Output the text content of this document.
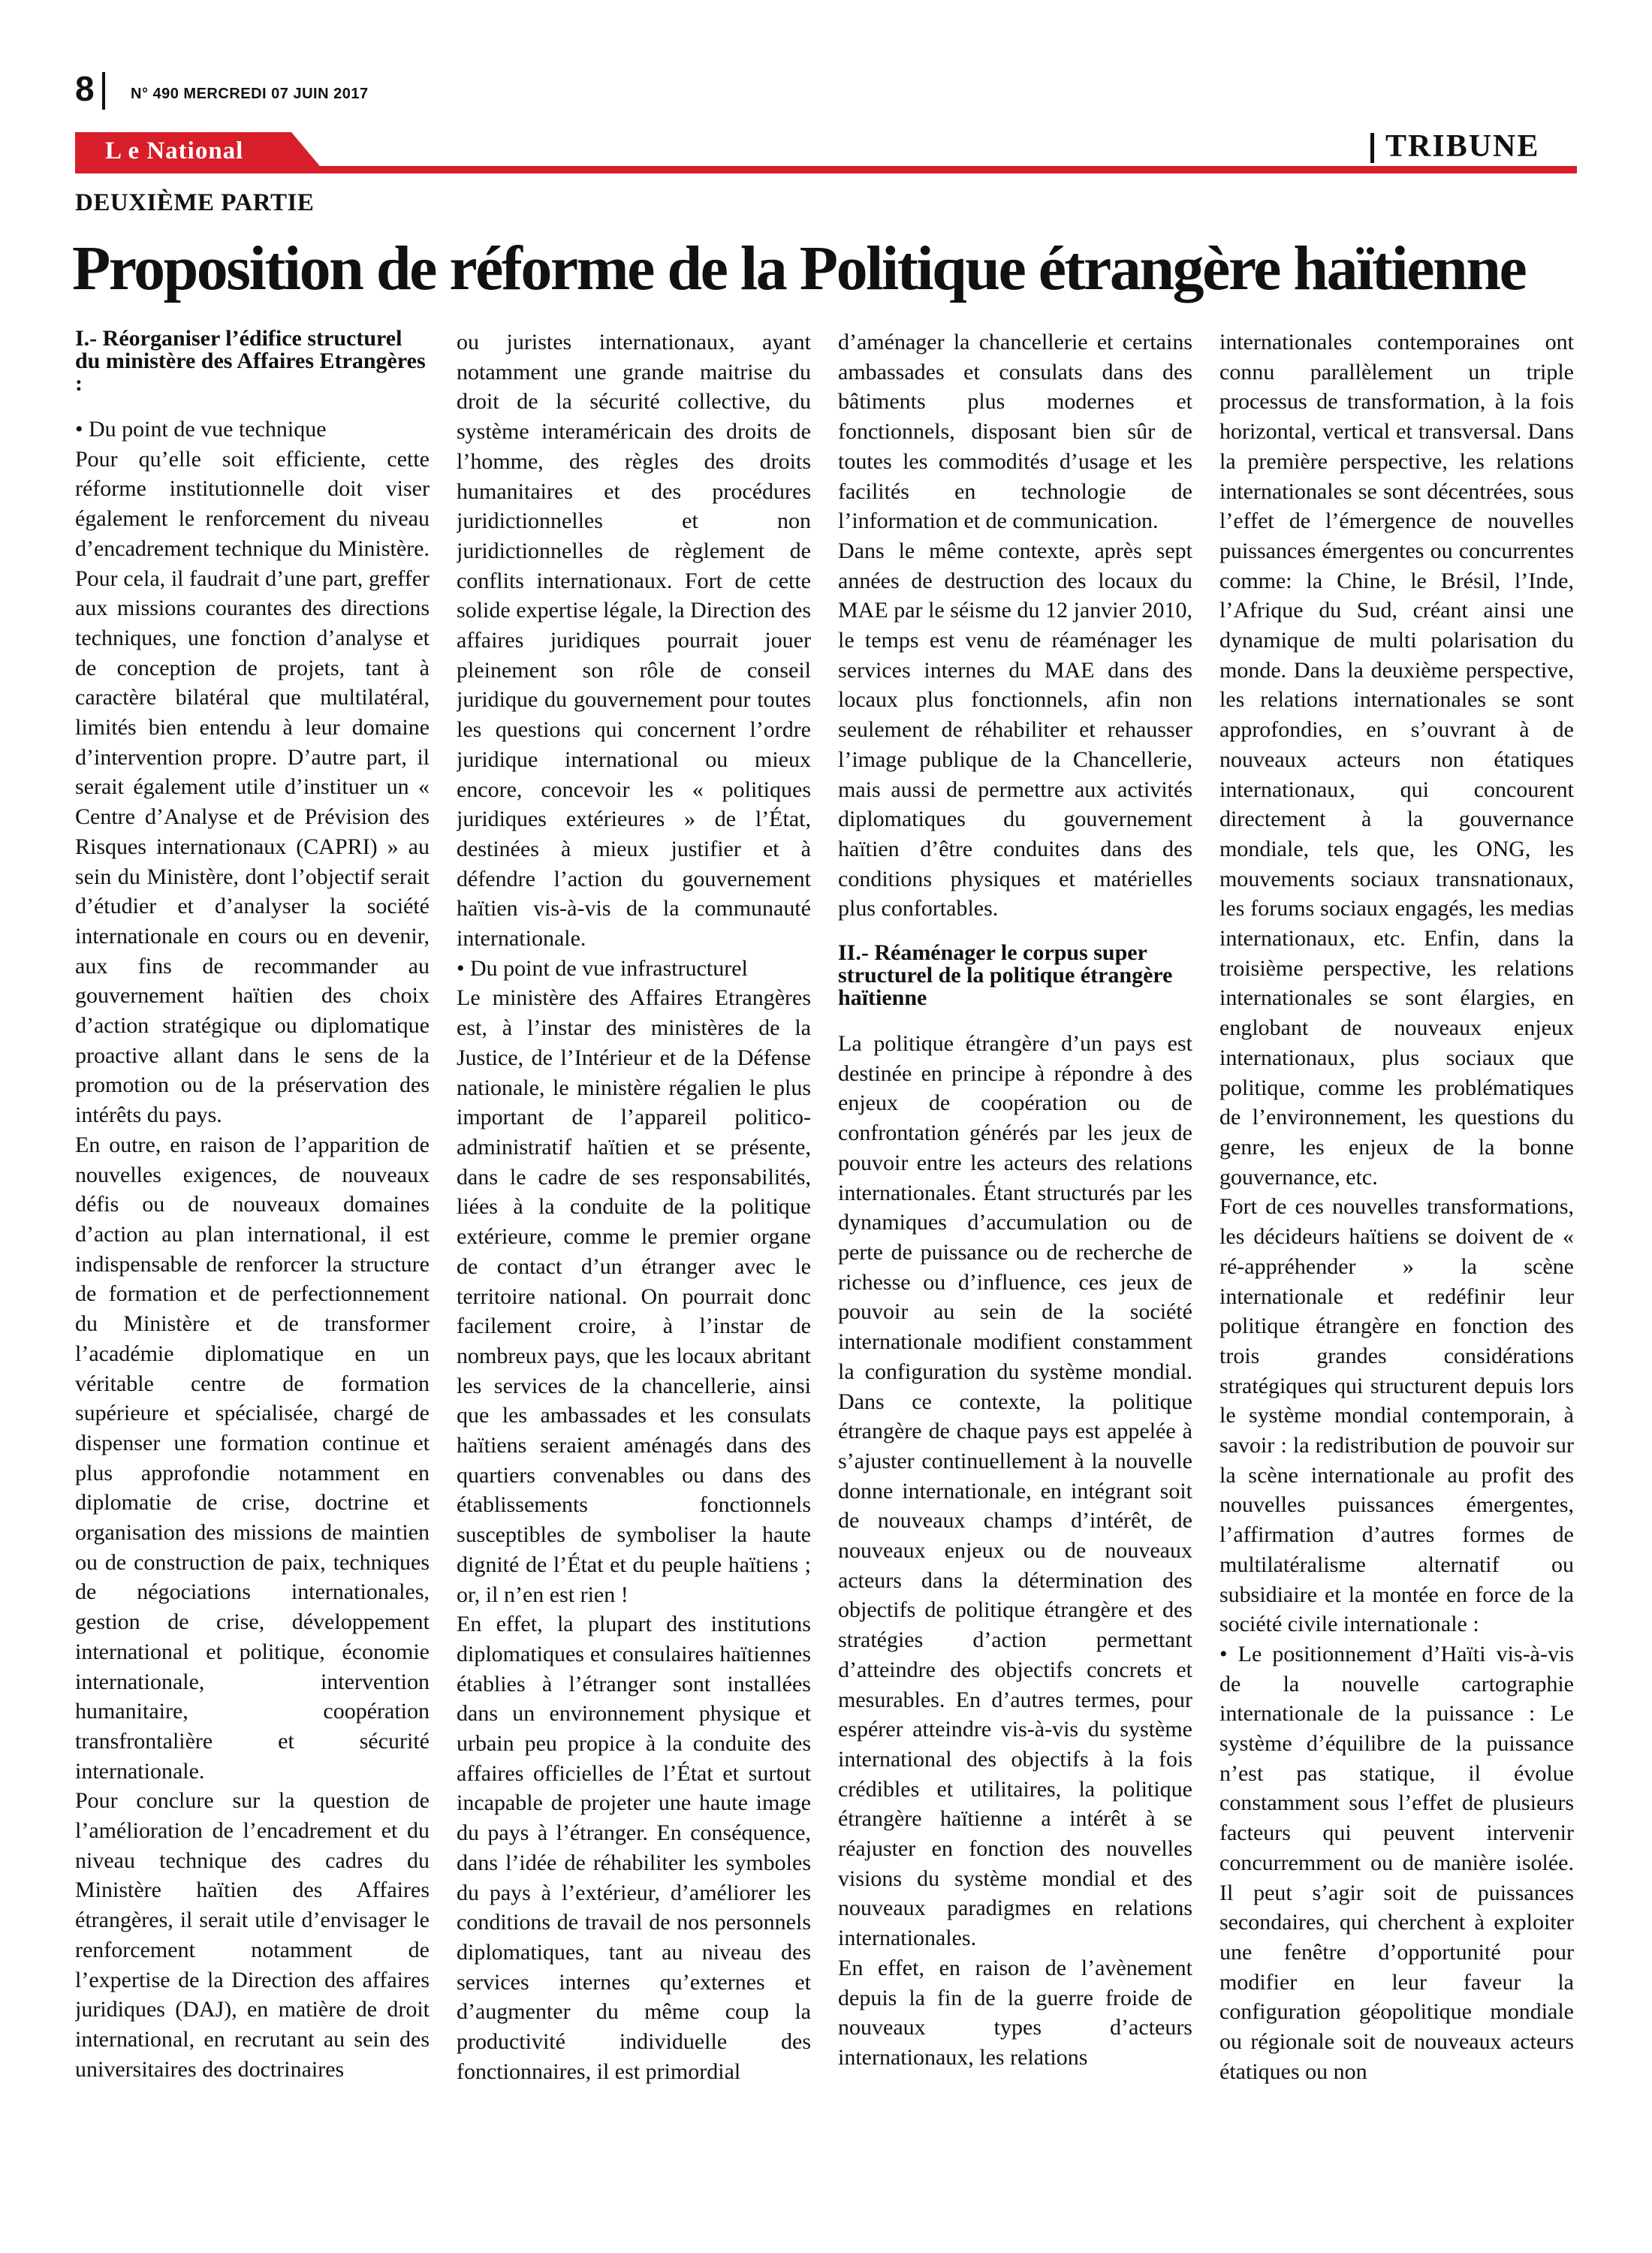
8 N° 490 MERCREDI 07 JUIN 2017
L e National	TRIBUNE
DEUXIÈME PARTIE
Proposition de réforme de la Politique étrangère haïtienne
I.- Réorganiser l’édifice structurel du ministère des Affaires Etrangères :

• Du point de vue technique

Pour qu’elle soit efficiente, cette réforme institutionnelle doit viser également le renforcement du niveau d’encadrement technique du Ministère. Pour cela, il faudrait d’une part, greffer aux missions courantes des directions techniques, une fonction d’analyse et de conception de projets, tant à caractère bilatéral que multilatéral, limités bien entendu à leur domaine d’intervention propre. D’autre part, il serait également utile d’instituer un « Centre d’Analyse et de Prévision des Risques internationaux (CAPRI) » au sein du Ministère, dont l’objectif serait d’étudier et d’analyser la société internationale en cours ou en devenir, aux fins de recommander au gouvernement haïtien des choix d’action stratégique ou diplomatique proactive allant dans le sens de la promotion ou de la préservation des intérêts du pays.

En outre, en raison de l’apparition de nouvelles exigences, de nouveaux défis ou de nouveaux domaines d’action au plan international, il est indispensable de renforcer la structure de formation et de perfectionnement du Ministère et de transformer l’académie diplomatique en un véritable centre de formation supérieure et spécialisée, chargé de dispenser une formation continue et plus approfondie notamment en diplomatie de crise, doctrine et organisation des missions de maintien ou de construction de paix, techniques de négociations internationales, gestion de crise, développement international et politique, économie internationale, intervention humanitaire, coopération transfrontalière et sécurité internationale.

Pour conclure sur la question de l’amélioration de l’encadrement et du niveau technique des cadres du Ministère haïtien des Affaires étrangères, il serait utile d’envisager le renforcement notamment de l’expertise de la Direction des affaires juridiques (DAJ), en matière de droit international, en recrutant au sein des universitaires des doctrinaires

ou juristes internationaux, ayant notamment une grande maitrise du droit de la sécurité collective, du système interaméricain des droits de l’homme, des règles des droits humanitaires et des procédures juridictionnelles et non juridictionnelles de règlement de conflits internationaux. Fort de cette solide expertise légale, la Direction des affaires juridiques pourrait jouer pleinement son rôle de conseil juridique du gouvernement pour toutes les questions qui concernent l’ordre juridique international ou mieux encore, concevoir les « politiques juridiques extérieures » de l’État, destinées à mieux justifier et à défendre l’action du gouvernement haïtien vis-à-vis de la communauté internationale.

• Du point de vue infrastructurel

Le ministère des Affaires Etrangères est, à l’instar des ministères de la Justice, de l’Intérieur et de la Défense nationale, le ministère régalien le plus important de l’appareil politico-administratif haïtien et se présente, dans le cadre de ses responsabilités, liées à la conduite de la politique extérieure, comme le premier organe de contact d’un étranger avec le territoire national. On pourrait donc facilement croire, à l’instar de nombreux pays, que les locaux abritant les services de la chancellerie, ainsi que les ambassades et les consulats haïtiens seraient aménagés dans des quartiers convenables ou dans des établissements fonctionnels susceptibles de symboliser la haute dignité de l’État et du peuple haïtiens ; or, il n’en est rien !

En effet, la plupart des institutions diplomatiques et consulaires haïtiennes établies à l’étranger sont installées dans un environnement physique et urbain peu propice à la conduite des affaires officielles de l’État et surtout incapable de projeter une haute image du pays à l’étranger. En conséquence, dans l’idée de réhabiliter les symboles du pays à l’extérieur, d’améliorer les conditions de travail de nos personnels diplomatiques, tant au niveau des services internes qu’externes et d’augmenter du même coup la productivité individuelle des fonctionnaires, il est primordial

d’aménager la chancellerie et certains ambassades et consulats dans des bâtiments plus modernes et fonctionnels, disposant bien sûr de toutes les commodités d’usage et les facilités en technologie de l’information et de communication.

Dans le même contexte, après sept années de destruction des locaux du MAE par le séisme du 12 janvier 2010, le temps est venu de réaménager les services internes du MAE dans des locaux plus fonctionnels, afin non seulement de réhabiliter et rehausser l’image publique de la Chancellerie, mais aussi de permettre aux activités diplomatiques du gouvernement haïtien d’être conduites dans des conditions physiques et matérielles plus confortables.

II.- Réaménager le corpus super structurel de la politique étrangère haïtienne

La politique étrangère d’un pays est destinée en principe à répondre à des enjeux de coopération ou de confrontation générés par les jeux de pouvoir entre les acteurs des relations internationales. Étant structurés par les dynamiques d’accumulation ou de perte de puissance ou de recherche de richesse ou d’influence, ces jeux de pouvoir au sein de la société internationale modifient constamment la configuration du système mondial. Dans ce contexte, la politique étrangère de chaque pays est appelée à s’ajuster continuellement à la nouvelle donne internationale, en intégrant soit de nouveaux champs d’intérêt, de nouveaux enjeux ou de nouveaux acteurs dans la détermination des objectifs de politique étrangère et des stratégies d’action permettant d’atteindre des objectifs concrets et mesurables. En d’autres termes, pour espérer atteindre vis-à-vis du système international des objectifs à la fois crédibles et utilitaires, la politique étrangère haïtienne a intérêt à se réajuster en fonction des nouvelles visions du système mondial et des nouveaux paradigmes en relations internationales.

En effet, en raison de l’avènement depuis la fin de la guerre froide de nouveaux types d’acteurs internationaux, les relations

internationales contemporaines ont connu parallèlement un triple processus de transformation, à la fois horizontal, vertical et transversal. Dans la première perspective, les relations internationales se sont décentrées, sous l’effet de l’émergence de nouvelles puissances émergentes ou concurrentes comme: la Chine, le Brésil, l’Inde, l’Afrique du Sud, créant ainsi une dynamique de multi polarisation du monde. Dans la deuxième perspective, les relations internationales se sont approfondies, en s’ouvrant à de nouveaux acteurs non étatiques internationaux, qui concourent directement à la gouvernance mondiale, tels que, les ONG, les mouvements sociaux transnationaux, les forums sociaux engagés, les medias internationaux, etc. Enfin, dans la troisième perspective, les relations internationales se sont élargies, en englobant de nouveaux enjeux internationaux, plus sociaux que politique, comme les problématiques de l’environnement, les questions du genre, les enjeux de la bonne gouvernance, etc.

Fort de ces nouvelles transformations, les décideurs haïtiens se doivent de « ré-appréhender » la scène internationale et redéfinir leur politique étrangère en fonction des trois grandes considérations stratégiques qui structurent depuis lors le système mondial contemporain, à savoir : la redistribution de pouvoir sur la scène internationale au profit des nouvelles puissances émergentes, l’affirmation d’autres formes de multilatéralisme alternatif ou subsidiaire et la montée en force de la société civile internationale :

• Le positionnement d’Haïti vis-à-vis de la nouvelle cartographie internationale de la puissance : Le système d’équilibre de la puissance n’est pas statique, il évolue constamment sous l’effet de plusieurs facteurs qui peuvent intervenir concurremment ou de manière isolée. Il peut s’agir soit de puissances secondaires, qui cherchent à exploiter une fenêtre d’opportunité pour modifier en leur faveur la configuration géopolitique mondiale ou régionale soit de nouveaux acteurs étatiques ou non
